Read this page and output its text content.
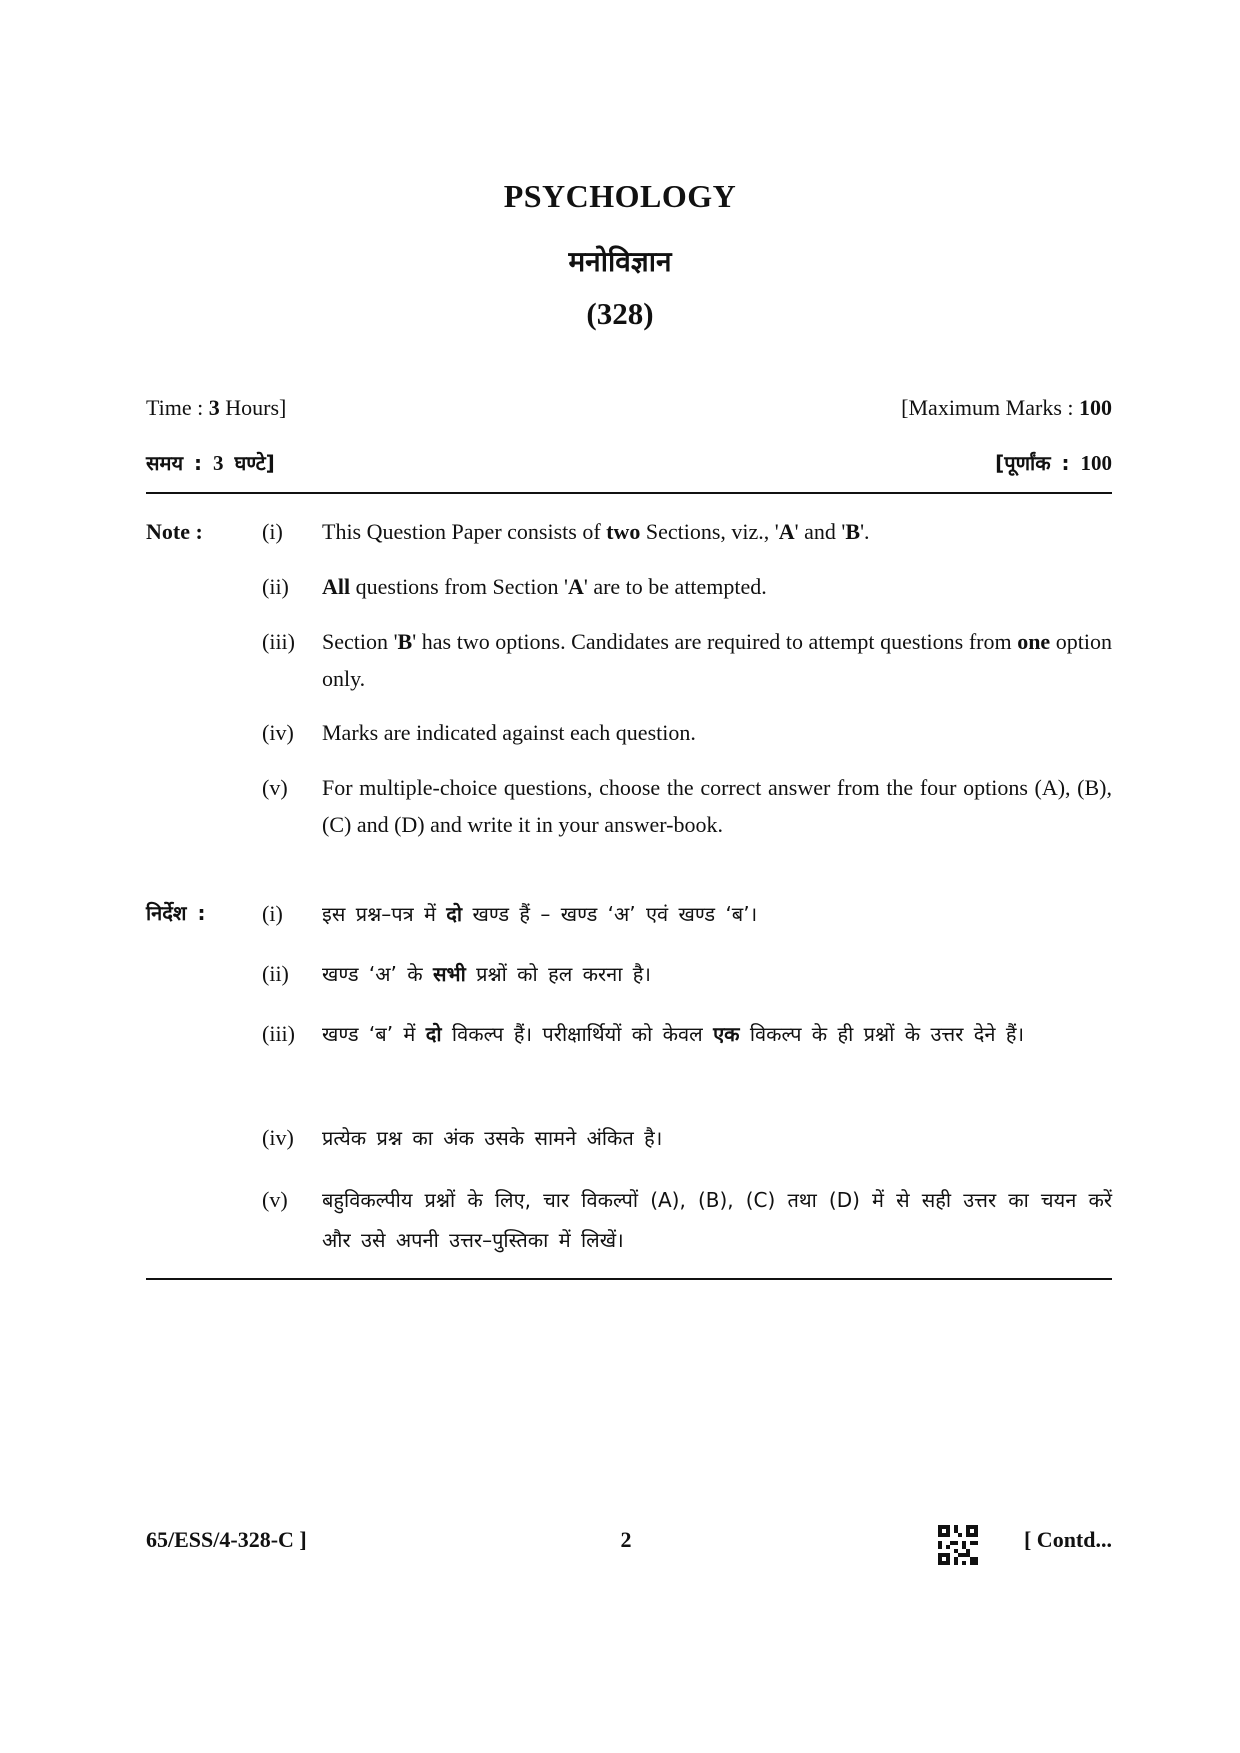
PSYCHOLOGY
मनोविज्ञान
(328)
Time : 3 Hours]	[Maximum Marks : 100
समय : 3 घण्टे]	[पूर्णांक : 100
Note :	(i)	This Question Paper consists of two Sections, viz., 'A' and 'B'.
(ii)	All questions from Section 'A' are to be attempted.
(iii)	Section 'B' has two options. Candidates are required to attempt questions from one option only.
(iv)	Marks are indicated against each question.
(v)	For multiple-choice questions, choose the correct answer from the four options (A), (B), (C) and (D) and write it in your answer-book.
निर्देश :	(i)	इस प्रश्न–पत्र में दो खण्ड हैं – खण्ड ‘अ’ एवं खण्ड ‘ब’।
(ii)	खण्ड ‘अ’ के सभी प्रश्नों को हल करना है।
(iii)	खण्ड ‘ब’ में दो विकल्प हैं। परीक्षार्थियों को केवल एक विकल्प के ही प्रश्नों के उत्तर देने हैं।
(iv)	प्रत्येक प्रश्न का अंक उसके सामने अंकित है।
(v)	बहुविकल्पीय प्रश्नों के लिए, चार विकल्पों (A), (B), (C) तथा (D) में से सही उत्तर का चयन करें और उसे अपनी उत्तर–पुस्तिका में लिखें।
65/ESS/4-328-C ]	2	[ Contd...
